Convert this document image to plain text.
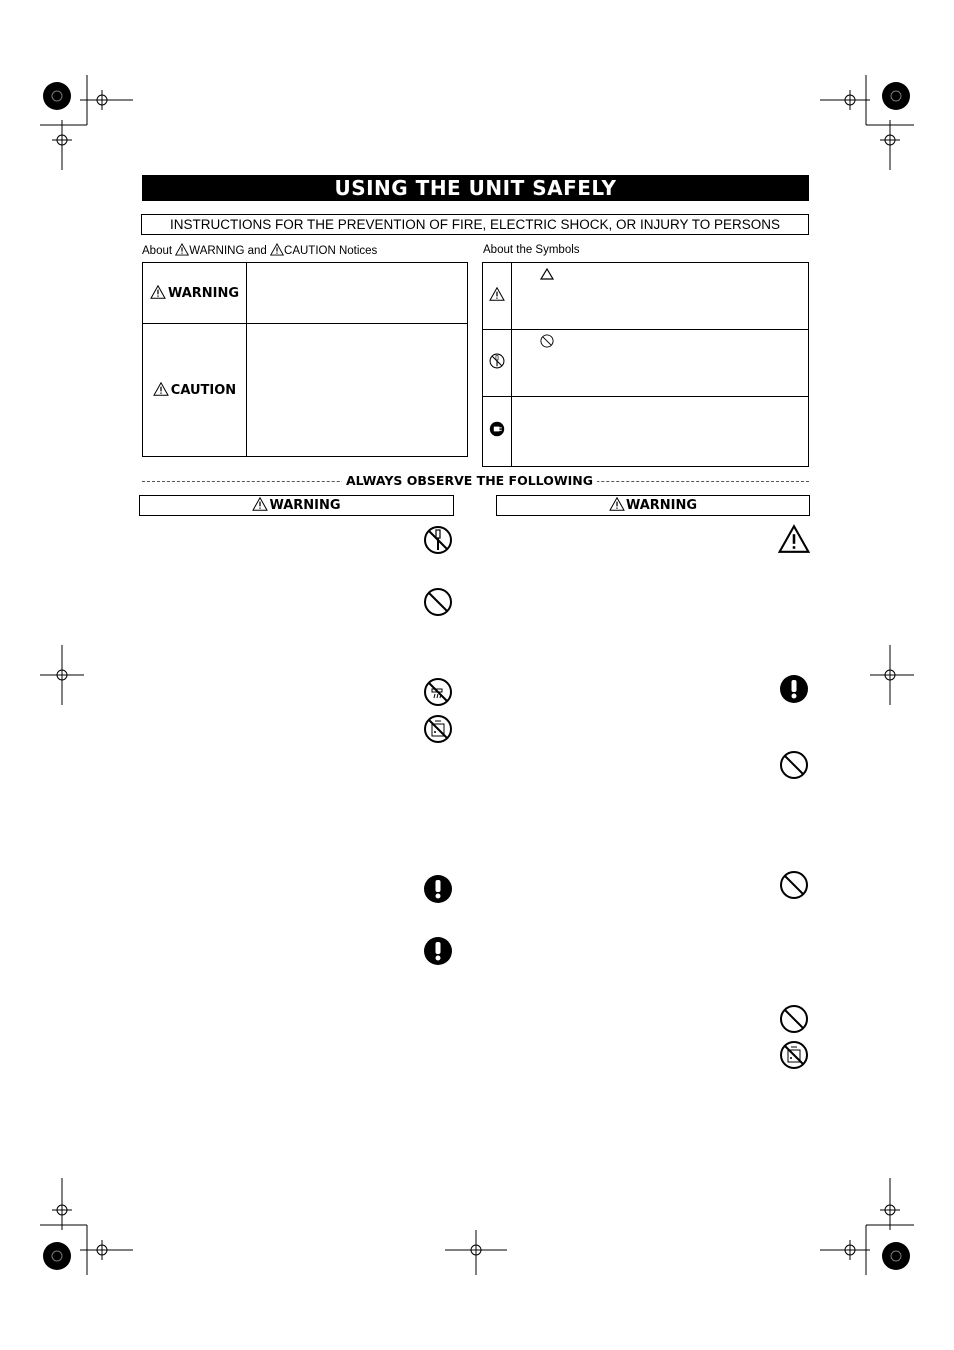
USING THE UNIT SAFELY
INSTRUCTIONS FOR THE PREVENTION OF FIRE, ELECTRIC SHOCK, OR INJURY TO PERSONS
About WARNING and CAUTION Notices
WARNING	
CAUTION	
About the Symbols

ALWAYS OBSERVE THE FOLLOWING
WARNING	WARNING
